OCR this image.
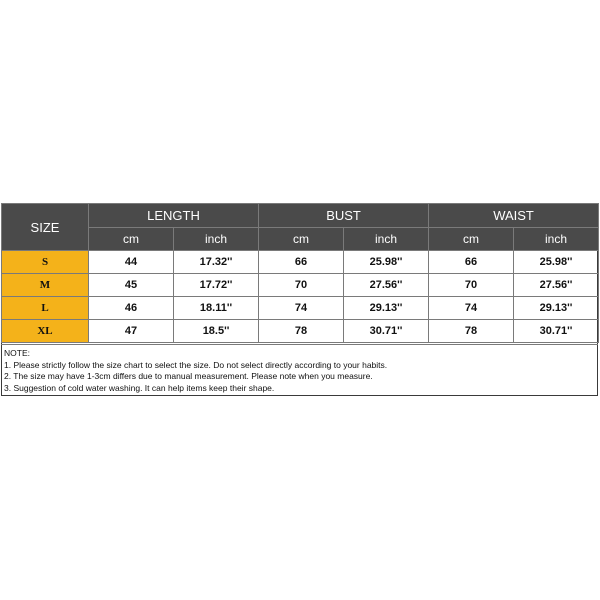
SIZE	LENGTH		BUST		WAIST	
	cm	inch	cm	inch	cm	inch
S	44	17.32''	66	25.98''	66	25.98''
M	45	17.72''	70	27.56''	70	27.56''
L	46	18.11''	74	29.13''	74	29.13''
XL	47	18.5''	78	30.71''	78	30.71''
NOTE:
1. Please strictly follow the size chart to select the size. Do not select directly according to your habits.
2. The size may have 1-3cm differs due to manual measurement. Please note when you measure.
3. Suggestion of cold water washing. It can help items keep their shape.
